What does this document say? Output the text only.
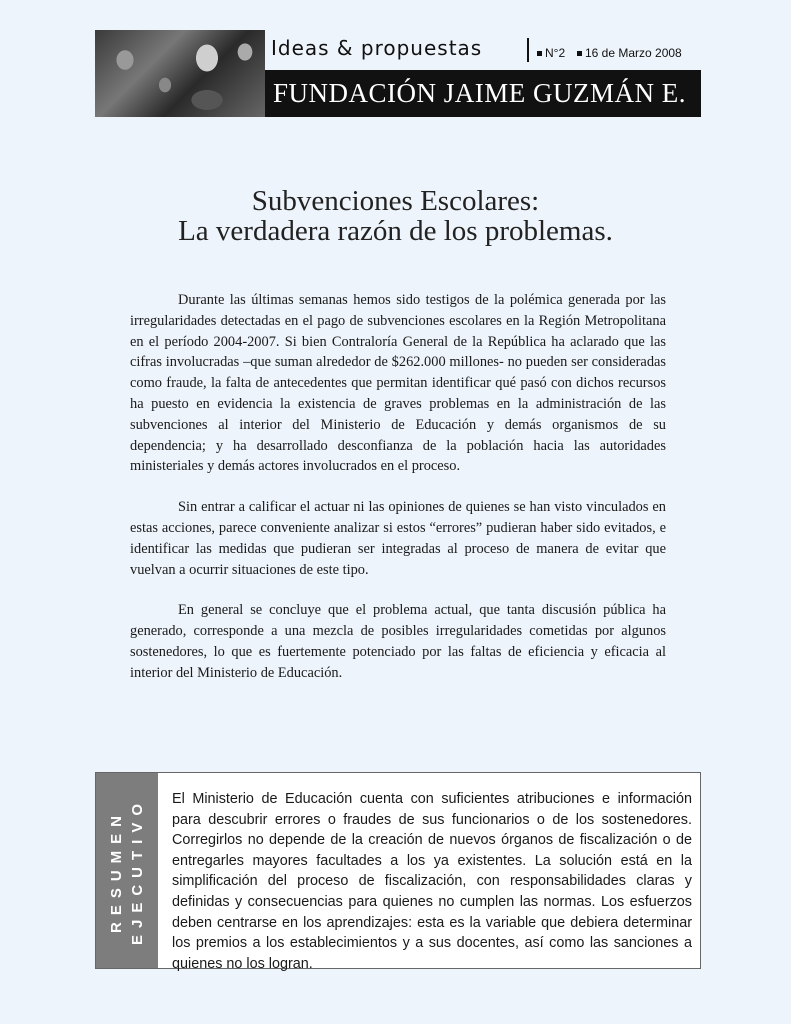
Ideas & propuestas	N°2	16 de Marzo 2008
FUNDACIÓN JAIME GUZMÁN E.
Subvenciones Escolares:
La verdadera razón de los problemas.

Durante las últimas semanas hemos sido testigos de la polémica generada por las irregularidades detectadas en el pago de subvenciones escolares en la Región Metropolitana en el período 2004-2007. Si bien Contraloría General de la República ha aclarado que las cifras involucradas –que suman alrededor de $262.000 millones- no pueden ser consideradas como fraude, la falta de antecedentes que permitan identificar qué pasó con dichos recursos ha puesto en evidencia la existencia de graves problemas en la administración de las subvenciones al interior del Ministerio de Educación y demás organismos de su dependencia; y ha desarrollado desconfianza de la población hacia las autoridades ministeriales y demás actores involucrados en el proceso.

Sin entrar a calificar el actuar ni las opiniones de quienes se han visto vinculados en estas acciones, parece conveniente analizar si estos “errores” pudieran haber sido evitados, e identificar las medidas que pudieran ser integradas al proceso de manera de evitar que vuelvan a ocurrir situaciones de este tipo.

En general se concluye que el problema actual, que tanta discusión pública ha generado, corresponde a una mezcla de posibles irregularidades cometidas por algunos sostenedores, lo que es fuertemente potenciado por las faltas de eficiencia y eficacia al interior del Ministerio de Educación.

RESUMEN EJECUTIVO El Ministerio de Educación cuenta con suficientes atribuciones e información para descubrir errores o fraudes de sus funcionarios o de los sostenedores. Corregirlos no depende de la creación de nuevos órganos de fiscalización o de entregarles mayores facultades a los ya existentes. La solución está en la simplificación del proceso de fiscalización, con responsabilidades claras y definidas y consecuencias para quienes no cumplen las normas. Los esfuerzos deben centrarse en los aprendizajes: esta es la variable que debiera determinar los premios a los establecimientos y a sus docentes, así como las sanciones a quienes no los logran.
